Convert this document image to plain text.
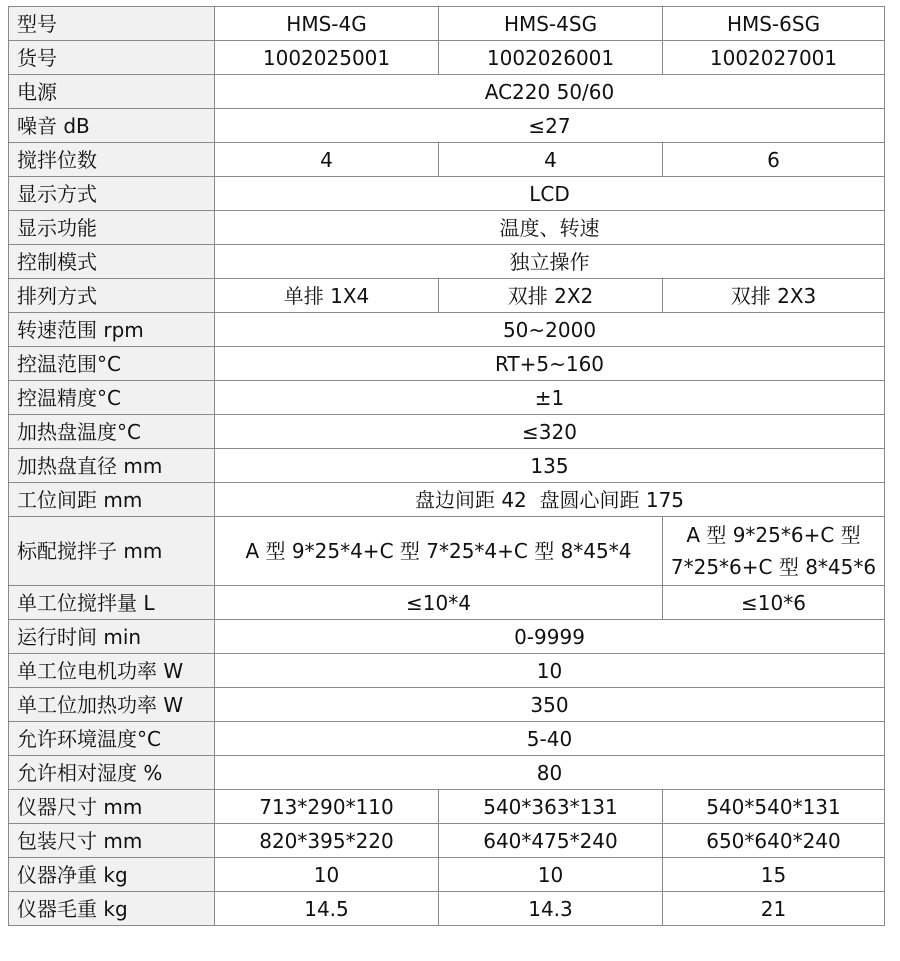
型号	HMS-4G	HMS-4SG	HMS-6SG
货号	1002025001	1002026001	1002027001
电源	AC220 50/60		
噪音 dB	≤27		
搅拌位数	4	4	6
显示方式	LCD		
显示功能	温度、转速		
控制模式	独立操作		
排列方式	单排 1X4	双排 2X2	双排 2X3
转速范围 rpm	50~2000		
控温范围°C	RT+5~160		
控温精度°C	±1		
加热盘温度°C	≤320		
加热盘直径 mm	135		
工位间距 mm	盘边间距 42  盘圆心间距 175		
标配搅拌子 mm	A 型 9*25*4+C 型 7*25*4+C 型 8*45*4		A 型 9*25*6+C 型 7*25*6+C 型 8*45*6
单工位搅拌量 L	≤10*4		≤10*6
运行时间 min	0-9999		
单工位电机功率 W	10		
单工位加热功率 W	350		
允许环境温度°C	5-40		
允许相对湿度 %	80		
仪器尺寸 mm	713*290*110	540*363*131	540*540*131
包装尺寸 mm	820*395*220	640*475*240	650*640*240
仪器净重 kg	10	10	15
仪器毛重 kg	14.5	14.3	21
